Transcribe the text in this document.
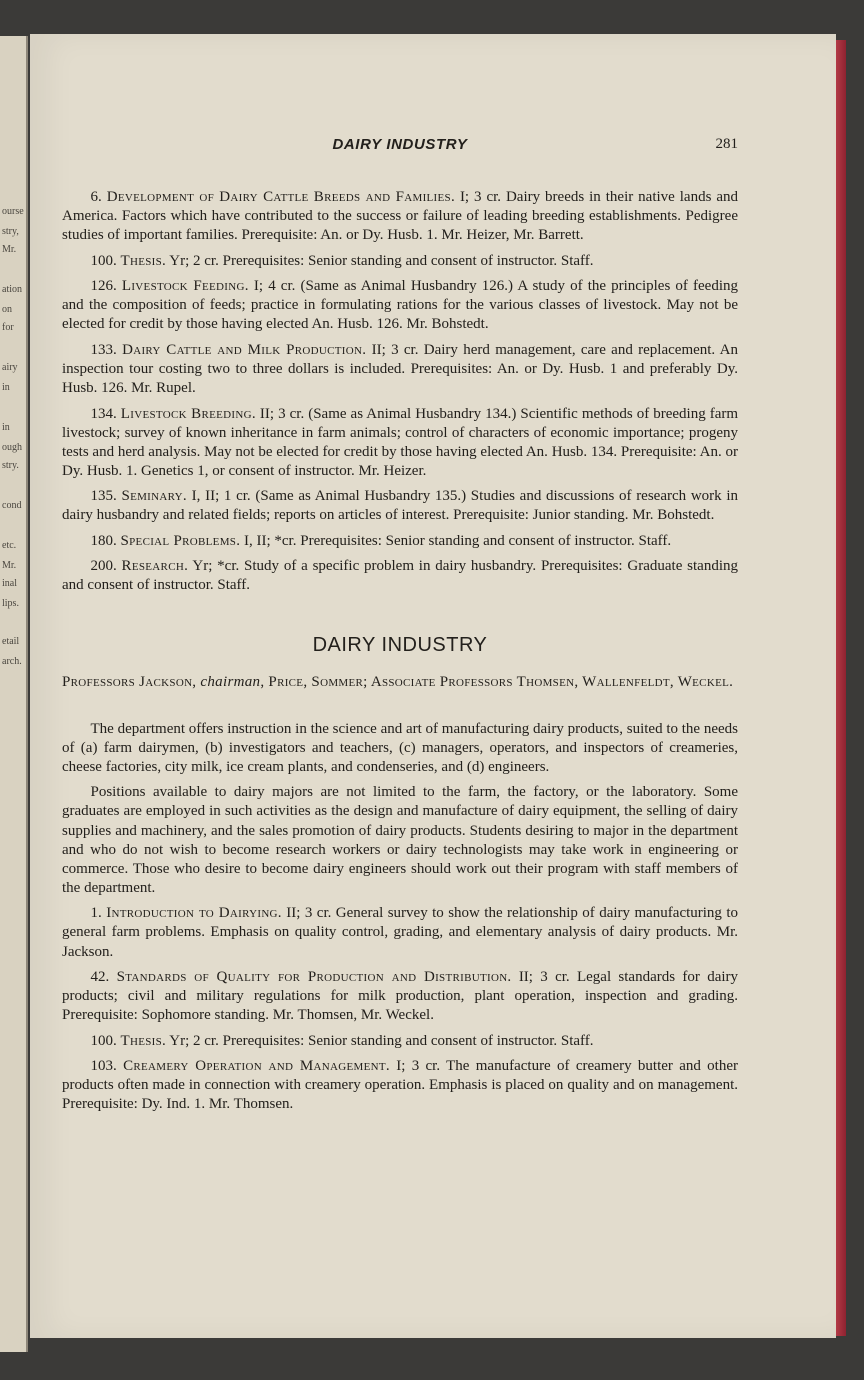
ourse
stry,
Mr.
ation
on
for
airy
in
in
ough
stry.
cond
etc.
Mr.
inal
lips.
etail
arch.
DAIRY INDUSTRY	281

6. Development of Dairy Cattle Breeds and Families. I; 3 cr. Dairy breeds in their native lands and America. Factors which have contributed to the success or failure of leading breeding establishments. Pedigree studies of important families. Prerequisite: An. or Dy. Husb. 1. Mr. Heizer, Mr. Barrett.

100. Thesis. Yr; 2 cr. Prerequisites: Senior standing and consent of instructor. Staff.

126. Livestock Feeding. I; 4 cr. (Same as Animal Husbandry 126.) A study of the principles of feeding and the composition of feeds; practice in formulating rations for the various classes of livestock. May not be elected for credit by those having elected An. Husb. 126. Mr. Bohstedt.

133. Dairy Cattle and Milk Production. II; 3 cr. Dairy herd management, care and replacement. An inspection tour costing two to three dollars is included. Prerequisites: An. or Dy. Husb. 1 and preferably Dy. Husb. 126. Mr. Rupel.

134. Livestock Breeding. II; 3 cr. (Same as Animal Husbandry 134.) Scientific methods of breeding farm livestock; survey of known inheritance in farm animals; control of characters of economic importance; progeny tests and herd analysis. May not be elected for credit by those having elected An. Husb. 134. Prerequisite: An. or Dy. Husb. 1. Genetics 1, or consent of instructor. Mr. Heizer.

135. Seminary. I, II; 1 cr. (Same as Animal Husbandry 135.) Studies and discussions of research work in dairy husbandry and related fields; reports on articles of interest. Prerequisite: Junior standing. Mr. Bohstedt.

180. Special Problems. I, II; *cr. Prerequisites: Senior standing and consent of instructor. Staff.

200. Research. Yr; *cr. Study of a specific problem in dairy husbandry. Prerequisites: Graduate standing and consent of instructor. Staff.

DAIRY INDUSTRY

Professors Jackson, chairman, Price, Sommer; Associate Professors Thomsen, Wallenfeldt, Weckel.

The department offers instruction in the science and art of manufacturing dairy products, suited to the needs of (a) farm dairymen, (b) investigators and teachers, (c) managers, operators, and inspectors of creameries, cheese factories, city milk, ice cream plants, and condenseries, and (d) engineers.

Positions available to dairy majors are not limited to the farm, the factory, or the laboratory. Some graduates are employed in such activities as the design and manufacture of dairy equipment, the selling of dairy supplies and machinery, and the sales promotion of dairy products. Students desiring to major in the department and who do not wish to become research workers or dairy technologists may take work in engineering or commerce. Those who desire to become dairy engineers should work out their program with staff members of the department.

1. Introduction to Dairying. II; 3 cr. General survey to show the relationship of dairy manufacturing to general farm problems. Emphasis on quality control, grading, and elementary analysis of dairy products. Mr. Jackson.

42. Standards of Quality for Production and Distribution. II; 3 cr. Legal standards for dairy products; civil and military regulations for milk production, plant operation, inspection and grading. Prerequisite: Sophomore standing. Mr. Thomsen, Mr. Weckel.

100. Thesis. Yr; 2 cr. Prerequisites: Senior standing and consent of instructor. Staff.

103. Creamery Operation and Management. I; 3 cr. The manufacture of creamery butter and other products often made in connection with creamery operation. Emphasis is placed on quality and on management. Prerequisite: Dy. Ind. 1. Mr. Thomsen.
